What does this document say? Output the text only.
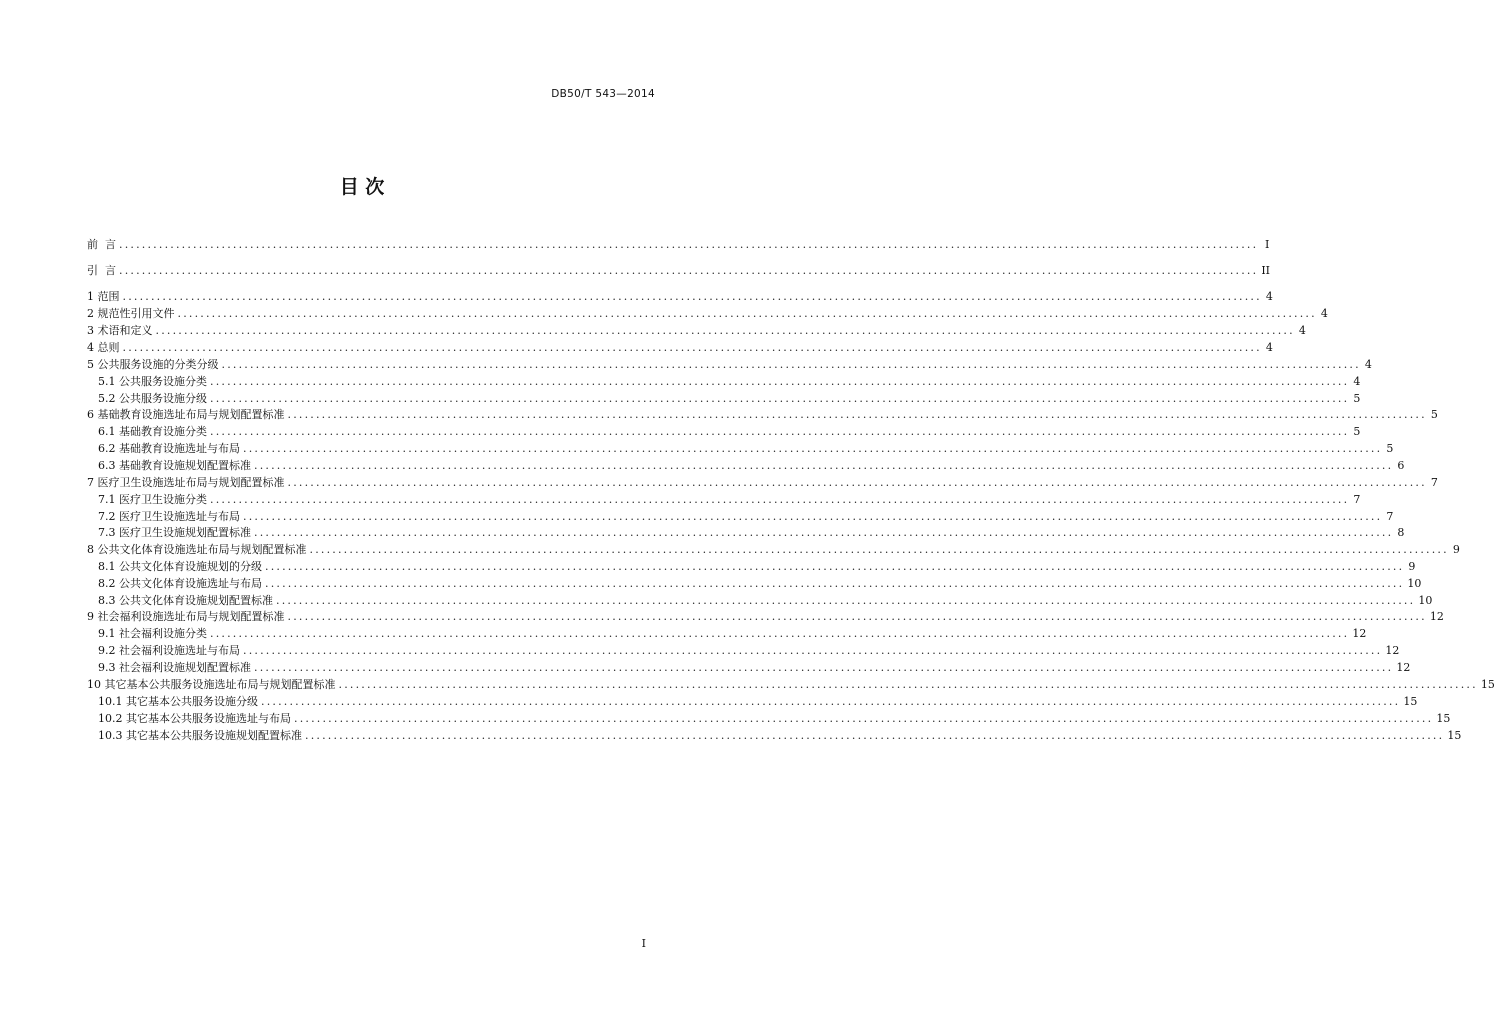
DB50/T 543—2014
目 次
前  言 ........................................................................................................................................................................................................ I
引  言 ........................................................................................................................................................................................................ II
1 范围 ........................................................................................................................................................................................................ 4
2 规范性引用文件 ........................................................................................................................................................................................................ 4
3 术语和定义 ........................................................................................................................................................................................................ 4
4 总则 ........................................................................................................................................................................................................ 4
5 公共服务设施的分类分级 ........................................................................................................................................................................................................ 4
5.1 公共服务设施分类 ........................................................................................................................................................................................................ 4
5.2 公共服务设施分级 ........................................................................................................................................................................................................ 5
6 基础教育设施选址布局与规划配置标准 ........................................................................................................................................................................................................ 5
6.1 基础教育设施分类 ........................................................................................................................................................................................................ 5
6.2 基础教育设施选址与布局 ........................................................................................................................................................................................................ 5
6.3 基础教育设施规划配置标准 ........................................................................................................................................................................................................ 6
7 医疗卫生设施选址布局与规划配置标准 ........................................................................................................................................................................................................ 7
7.1 医疗卫生设施分类 ........................................................................................................................................................................................................ 7
7.2 医疗卫生设施选址与布局 ........................................................................................................................................................................................................ 7
7.3 医疗卫生设施规划配置标准 ........................................................................................................................................................................................................ 8
8 公共文化体育设施选址布局与规划配置标准 ........................................................................................................................................................................................................ 9
8.1 公共文化体育设施规划的分级 ........................................................................................................................................................................................................ 9
8.2 公共文化体育设施选址与布局 ........................................................................................................................................................................................................ 10
8.3 公共文化体育设施规划配置标准 ........................................................................................................................................................................................................ 10
9 社会福利设施选址布局与规划配置标准 ........................................................................................................................................................................................................ 12
9.1 社会福利设施分类 ........................................................................................................................................................................................................ 12
9.2 社会福利设施选址与布局 ........................................................................................................................................................................................................ 12
9.3 社会福利设施规划配置标准 ........................................................................................................................................................................................................ 12
10 其它基本公共服务设施选址布局与规划配置标准 ........................................................................................................................................................................................................ 15
10.1 其它基本公共服务设施分级 ........................................................................................................................................................................................................ 15
10.2 其它基本公共服务设施选址与布局 ........................................................................................................................................................................................................ 15
10.3 其它基本公共服务设施规划配置标准 ........................................................................................................................................................................................................ 15
I
